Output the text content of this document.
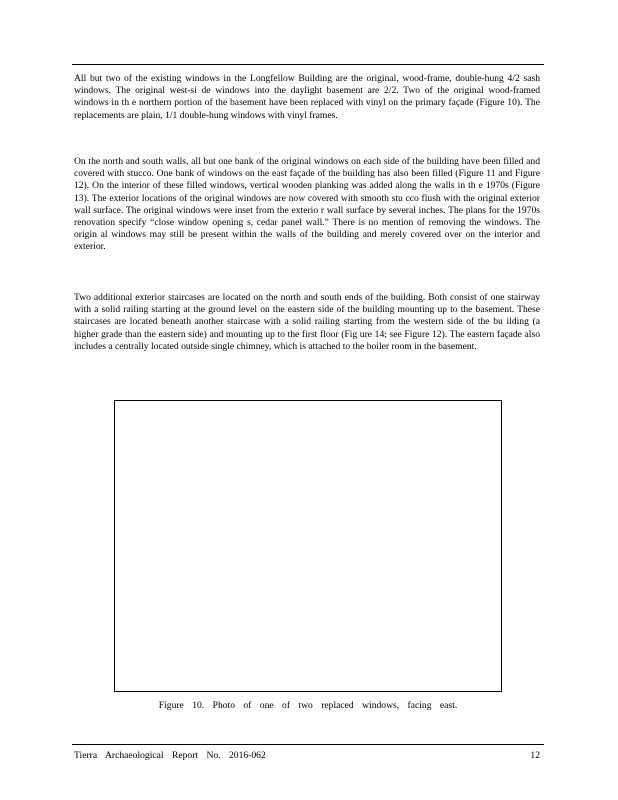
All but two of the existing windows in the Longfellow Building are the original, wood-frame, double-hung 4/2 sash windows. The original west-si de windows into the daylight basement are 2/2. Two of the original wood-framed windows in th e northern portion of the basement have been replaced with vinyl on the primary façade (Figure 10). The replacements are plain, 1/1 double-hung windows with vinyl frames.

On the north and south walls, all but one bank of the original windows on each side of the building have been filled and covered with stucco. One bank of windows on the east façade of the building has also been filled (Figure 11 and Figure 12). On the interior of these filled windows, vertical wooden planking was added along the walls in th e 1970s (Figure 13). The exterior locations of the original windows are now covered with smooth stu cco flush with the original exterior wall surface. The original windows were inset from the exterio r wall surface by several inches. The plans for the 1970s renovation specify “close window opening s, cedar panel wall.” There is no mention of removing the windows. The origin al windows may still be present within the walls of the building and merely covered over on the interior and exterior.

Two additional exterior staircases are located on the north and south ends of the building. Both consist of one stairway with a solid railing starting at the ground level on the eastern side of the building mounting up to the basement. These staircases are located beneath another staircase with a solid railing starting from the western side of the bu ilding (a higher grade than the eastern side) and mounting up to the first floor (Fig ure 14; see Figure 12). The eastern façade also includes a centrally located outside single chimney, which is attached to the boiler room in the basement.

Figure 10. Photo of one of two replaced windows, facing east.

Tierra Archaeological Report No. 2016-062	12
